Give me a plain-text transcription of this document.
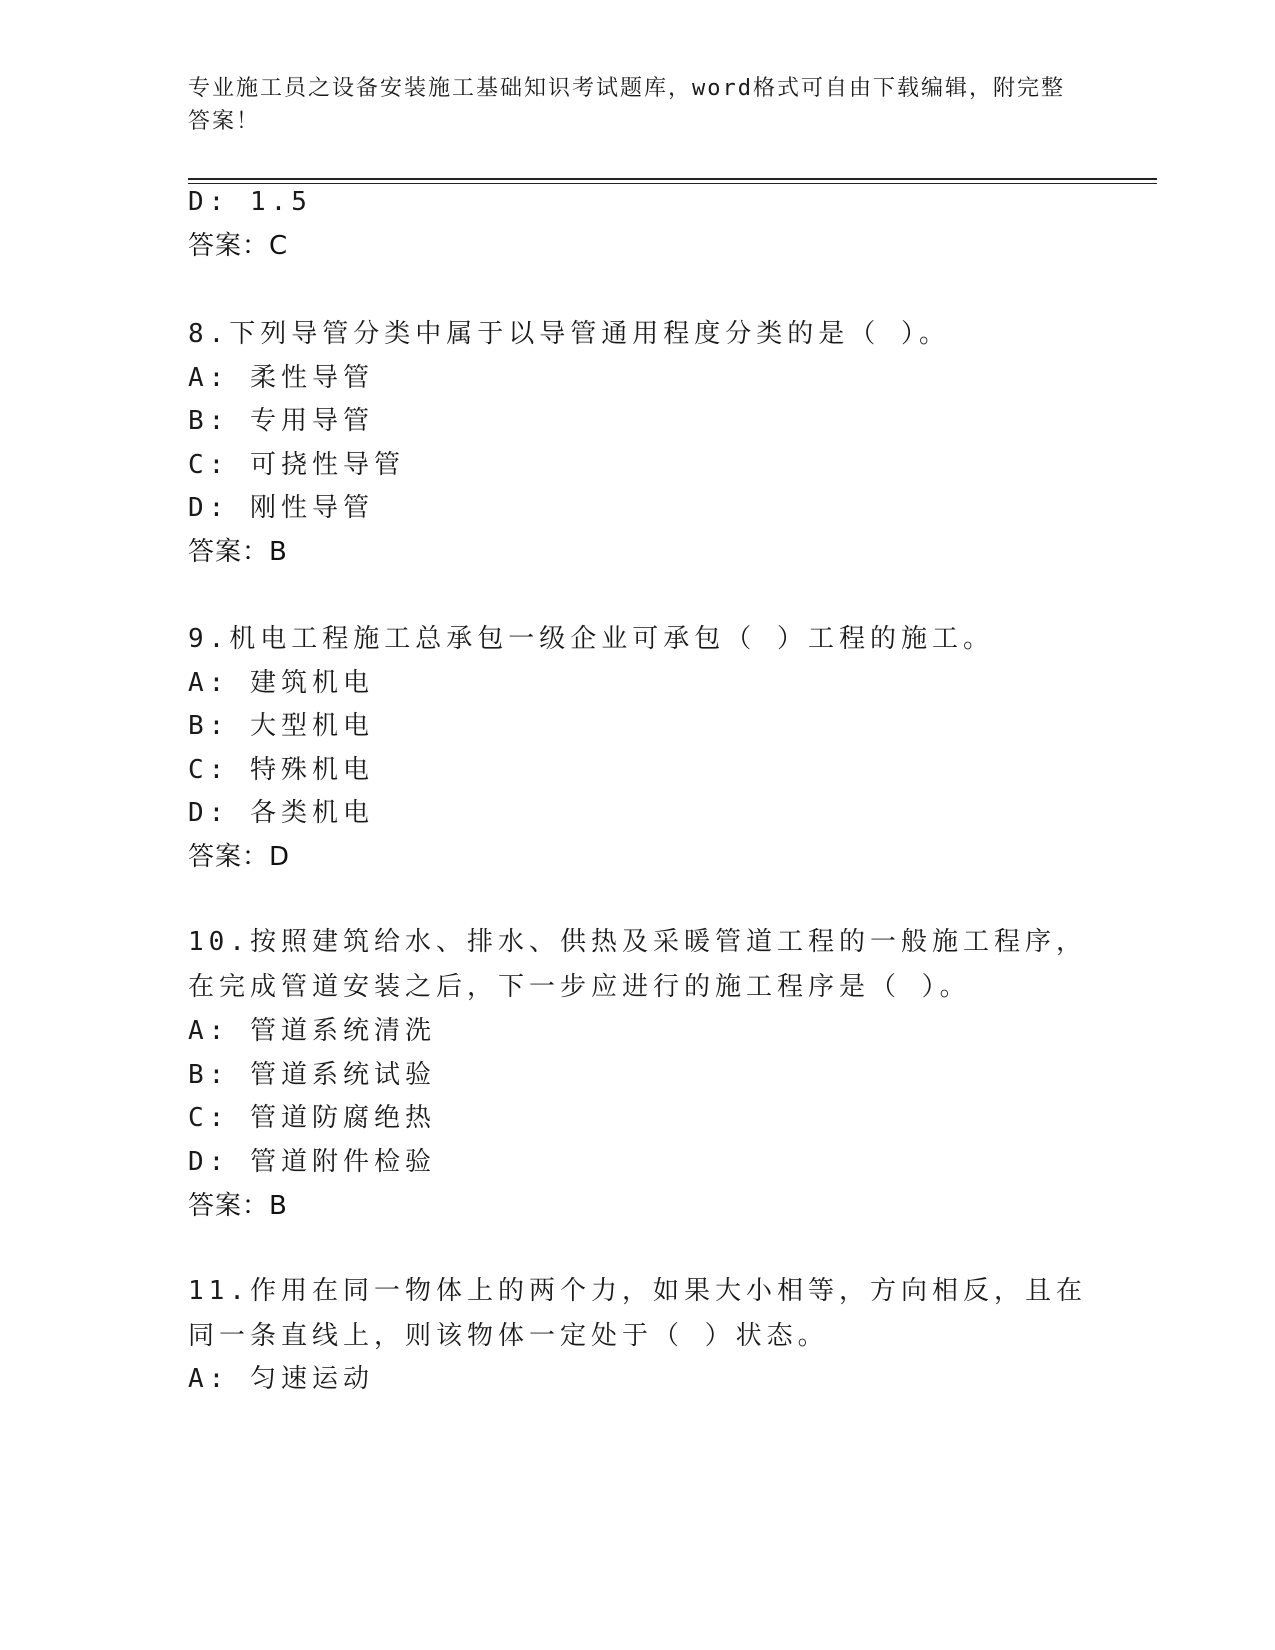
专业施工员之设备安装施工基础知识考试题库，word格式可自由下载编辑，附完整答案！
D: 1.5
答案：C
8.下列导管分类中属于以导管通用程度分类的是（ ）。
A: 柔性导管
B: 专用导管
C: 可挠性导管
D: 刚性导管
答案：B
9.机电工程施工总承包一级企业可承包（ ）工程的施工。
A: 建筑机电
B: 大型机电
C: 特殊机电
D: 各类机电
答案：D
10.按照建筑给水、排水、供热及采暖管道工程的一般施工程序，在完成管道安装之后，下一步应进行的施工程序是（ ）。
A: 管道系统清洗
B: 管道系统试验
C: 管道防腐绝热
D: 管道附件检验
答案：B
11.作用在同一物体上的两个力，如果大小相等，方向相反，且在同一条直线上，则该物体一定处于（ ）状态。
A: 匀速运动
